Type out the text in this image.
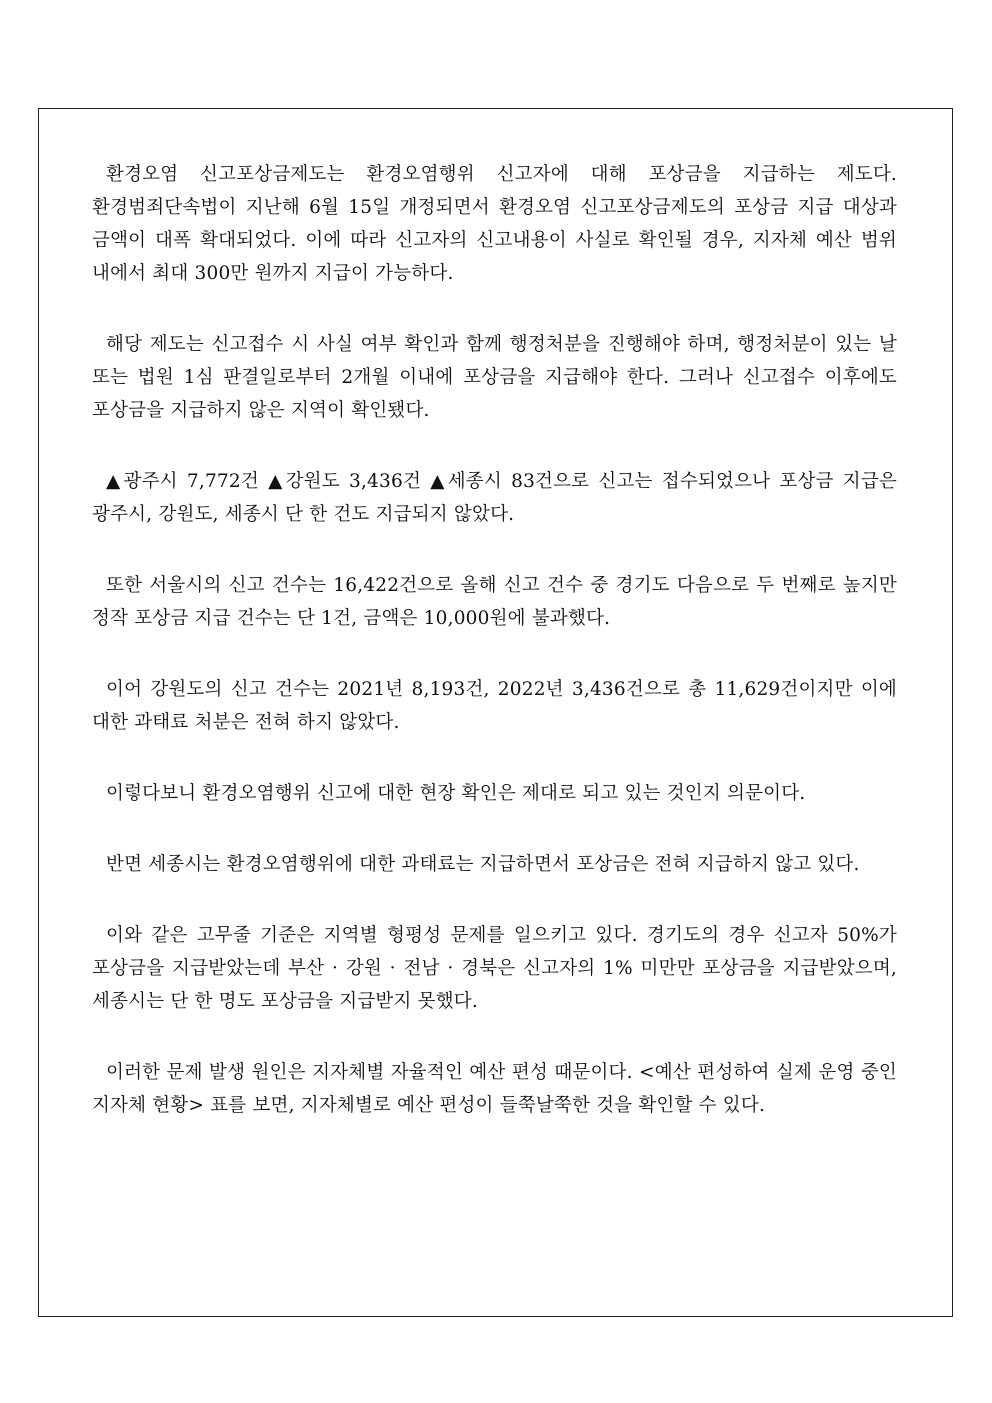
환경오염 신고포상금제도는 환경오염행위 신고자에 대해 포상금을 지급하는 제도다. 환경범죄단속법이 지난해 6월 15일 개정되면서 환경오염 신고포상금제도의 포상금 지급 대상과 금액이 대폭 확대되었다. 이에 따라 신고자의 신고내용이 사실로 확인될 경우, 지자체 예산 범위 내에서 최대 300만 원까지 지급이 가능하다.

해당 제도는 신고접수 시 사실 여부 확인과 함께 행정처분을 진행해야 하며, 행정처분이 있는 날 또는 법원 1심 판결일로부터 2개월 이내에 포상금을 지급해야 한다. 그러나 신고접수 이후에도 포상금을 지급하지 않은 지역이 확인됐다.

▲광주시 7,772건 ▲강원도 3,436건 ▲세종시 83건으로 신고는 접수되었으나 포상금 지급은 광주시, 강원도, 세종시 단 한 건도 지급되지 않았다.

또한 서울시의 신고 건수는 16,422건으로 올해 신고 건수 중 경기도 다음으로 두 번째로 높지만 정작 포상금 지급 건수는 단 1건, 금액은 10,000원에 불과했다.

이어 강원도의 신고 건수는 2021년 8,193건, 2022년 3,436건으로 총 11,629건이지만 이에 대한 과태료 처분은 전혀 하지 않았다.

이렇다보니 환경오염행위 신고에 대한 현장 확인은 제대로 되고 있는 것인지 의문이다.

반면 세종시는 환경오염행위에 대한 과태료는 지급하면서 포상금은 전혀 지급하지 않고 있다.

이와 같은 고무줄 기준은 지역별 형평성 문제를 일으키고 있다. 경기도의 경우 신고자 50%가 포상금을 지급받았는데 부산 · 강원 · 전남 · 경북은 신고자의 1% 미만만 포상금을 지급받았으며, 세종시는 단 한 명도 포상금을 지급받지 못했다.

이러한 문제 발생 원인은 지자체별 자율적인 예산 편성 때문이다. <예산 편성하여 실제 운영 중인 지자체 현황> 표를 보면, 지자체별로 예산 편성이 들쭉날쭉한 것을 확인할 수 있다.
